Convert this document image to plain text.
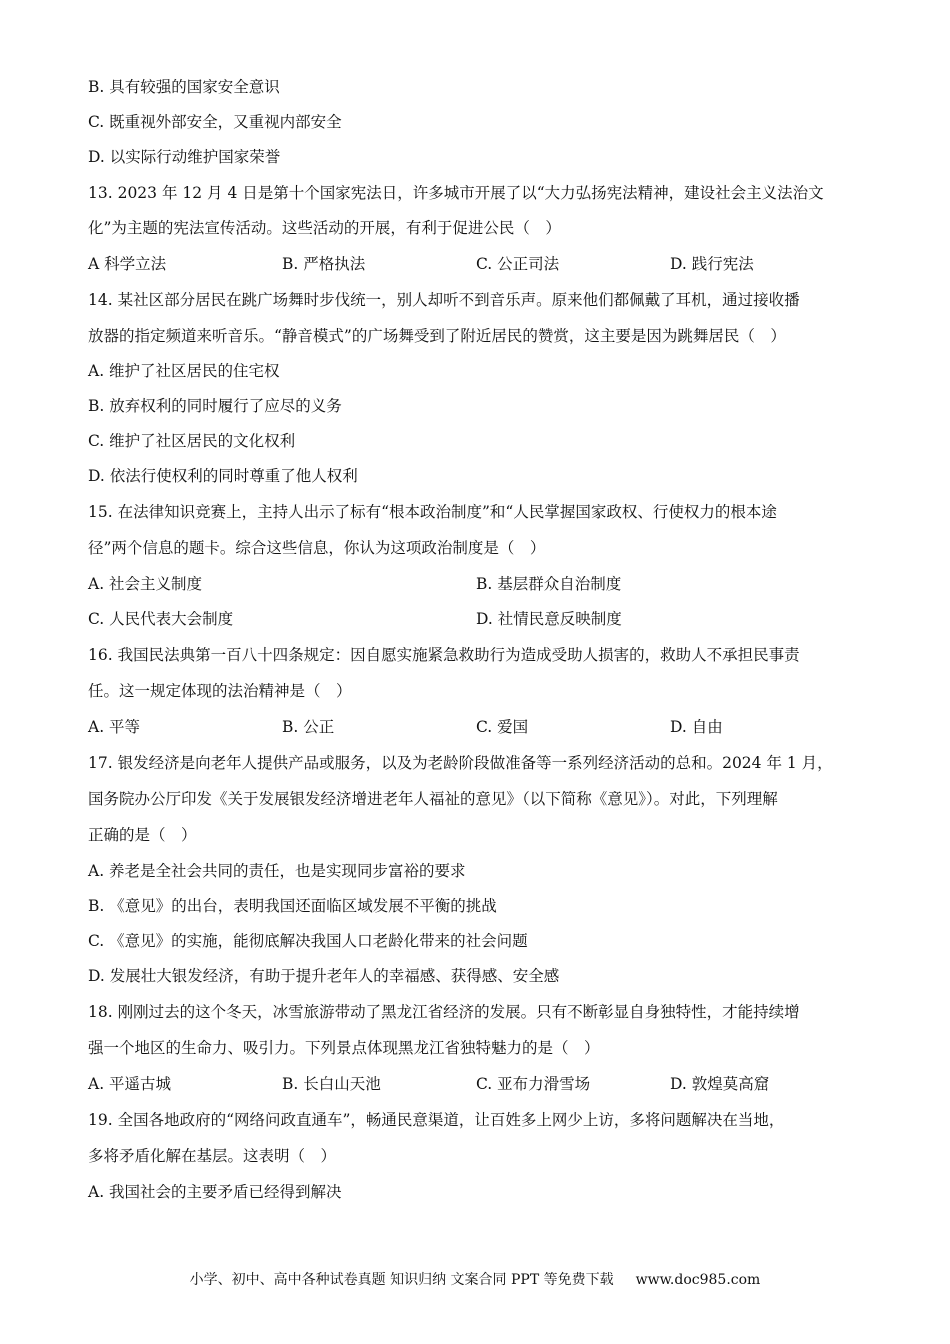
B. 具有较强的国家安全意识
C. 既重视外部安全，又重视内部安全
D. 以实际行动维护国家荣誉
13. 2023 年 12 月 4 日是第十个国家宪法日，许多城市开展了以“大力弘扬宪法精神，建设社会主义法治文
化”为主题的宪法宣传活动。这些活动的开展，有利于促进公民（　）
A 科学立法	B. 严格执法	C. 公正司法	D. 践行宪法
14. 某社区部分居民在跳广场舞时步伐统一，别人却听不到音乐声。原来他们都佩戴了耳机，通过接收播
放器的指定频道来听音乐。“静音模式”的广场舞受到了附近居民的赞赏，这主要是因为跳舞居民（　）
A. 维护了社区居民的住宅权
B. 放弃权利的同时履行了应尽的义务
C. 维护了社区居民的文化权利
D. 依法行使权利的同时尊重了他人权利
15. 在法律知识竞赛上，主持人出示了标有“根本政治制度”和“人民掌握国家政权、行使权力的根本途
径”两个信息的题卡。综合这些信息，你认为这项政治制度是（　）
A. 社会主义制度	B. 基层群众自治制度
C. 人民代表大会制度	D. 社情民意反映制度
16. 我国民法典第一百八十四条规定：因自愿实施紧急救助行为造成受助人损害的，救助人不承担民事责
任。这一规定体现的法治精神是（　）
A. 平等	B. 公正	C. 爱国	D. 自由
17. 银发经济是向老年人提供产品或服务，以及为老龄阶段做准备等一系列经济活动的总和。2024 年 1 月，
国务院办公厅印发《关于发展银发经济增进老年人福祉的意见》（以下简称《意见》）。对此，下列理解
正确的是（　）
A. 养老是全社会共同的责任，也是实现同步富裕的要求
B. 《意见》的出台，表明我国还面临区域发展不平衡的挑战
C. 《意见》的实施，能彻底解决我国人口老龄化带来的社会问题
D. 发展壮大银发经济，有助于提升老年人的幸福感、获得感、安全感
18. 刚刚过去的这个冬天，冰雪旅游带动了黑龙江省经济的发展。只有不断彰显自身独特性，才能持续增
强一个地区的生命力、吸引力。下列景点体现黑龙江省独特魅力的是（　）
A. 平遥古城	B. 长白山天池	C. 亚布力滑雪场	D. 敦煌莫高窟
19. 全国各地政府的“网络问政直通车”，畅通民意渠道，让百姓多上网少上访，多将问题解决在当地，
多将矛盾化解在基层。这表明（　）
A. 我国社会的主要矛盾已经得到解决
小学、初中、高中各种试卷真题 知识归纳 文案合同 PPT 等免费下载 www.doc985.com
